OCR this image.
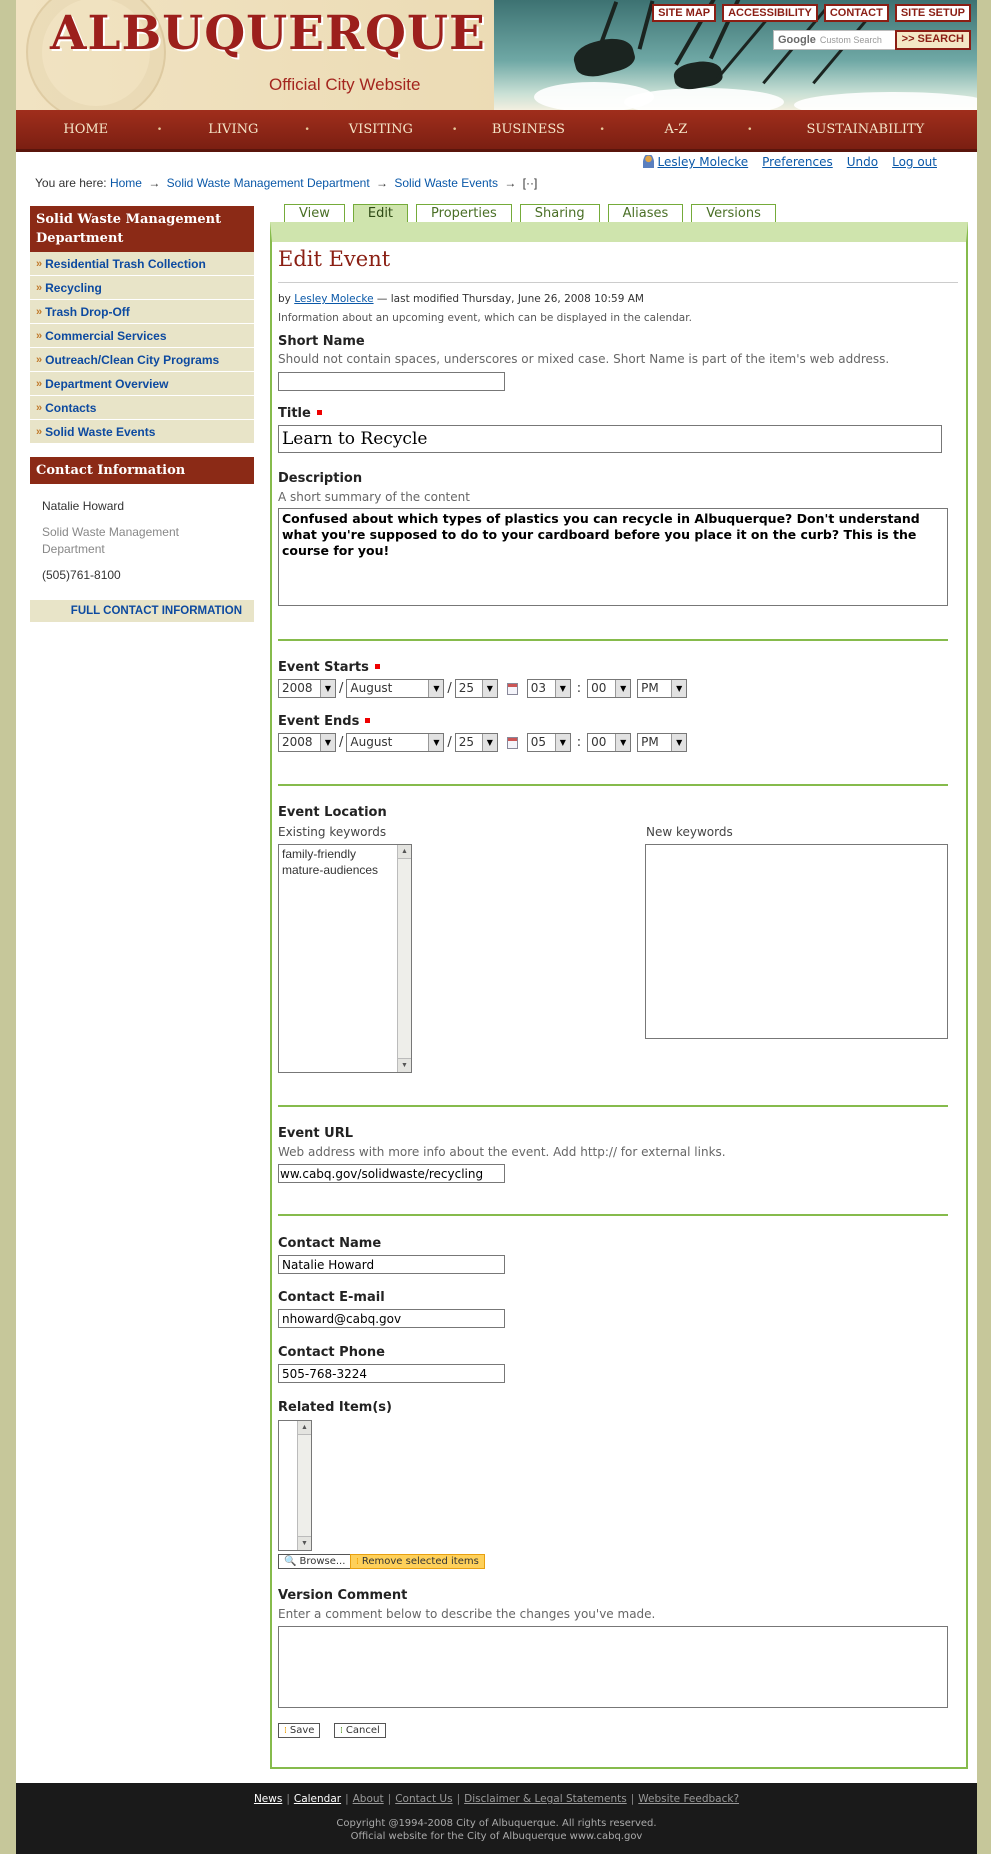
ALBUQUERQUE
Official City Website
SITE MAP	ACCESSIBILITY	CONTACT	SITE SETUP
Google Custom Search	>> SEARCH
HOME	•	LIVING	•	VISITING	•	BUSINESS	•	A-Z	•	SUSTAINABILITY
Lesley Molecke Preferences Undo Log out
You are here: Home → Solid Waste Management Department → Solid Waste Events → [··]
Solid Waste Management Department
» Residential Trash Collection
» Recycling
» Trash Drop-Off
» Commercial Services
» Outreach/Clean City Programs
» Department Overview
» Contacts
» Solid Waste Events
Contact Information
Natalie Howard
Solid Waste Management Department
(505)761-8100
FULL CONTACT INFORMATION
View	Edit	Properties	Sharing	Aliases	Versions
Edit Event
by Lesley Molecke — last modified Thursday, June 26, 2008 10:59 AM
Information about an upcoming event, which can be displayed in the calendar.
Short Name
Should not contain spaces, underscores or mixed case. Short Name is part of the item's web address.
Title
Learn to Recycle
Description
A short summary of the content
Confused about which types of plastics you can recycle in Albuquerque? Don't understand what you're supposed to do to your cardboard before you place it on the curb? This is the course for you!
Event Starts
2008	▼ / August	▼ / 25	▼	03	▼ : 00	▼	PM	▼
Event Ends
2008	▼ / August	▼ / 25	▼	05	▼ : 00	▼	PM	▼
Event Location
Existing keywords	New keywords
family-friendly
mature-audiences
▲
▼
Event URL
Web address with more info about the event. Add http:// for external links.
ww.cabq.gov/solidwaste/recycling
Contact Name
Natalie Howard
Contact E-mail
nhoward@cabq.gov
Contact Phone
505-768-3224
Related Item(s)
▲
▼
🔍 Browse... ⁞ Remove selected items
Version Comment
Enter a comment below to describe the changes you've made.
⁞ Save	⁞ Cancel
News | Calendar | About | Contact Us | Disclaimer & Legal Statements | Website Feedback?
Copyright @1994-2008 City of Albuquerque. All rights reserved.
Official website for the City of Albuquerque www.cabq.gov
